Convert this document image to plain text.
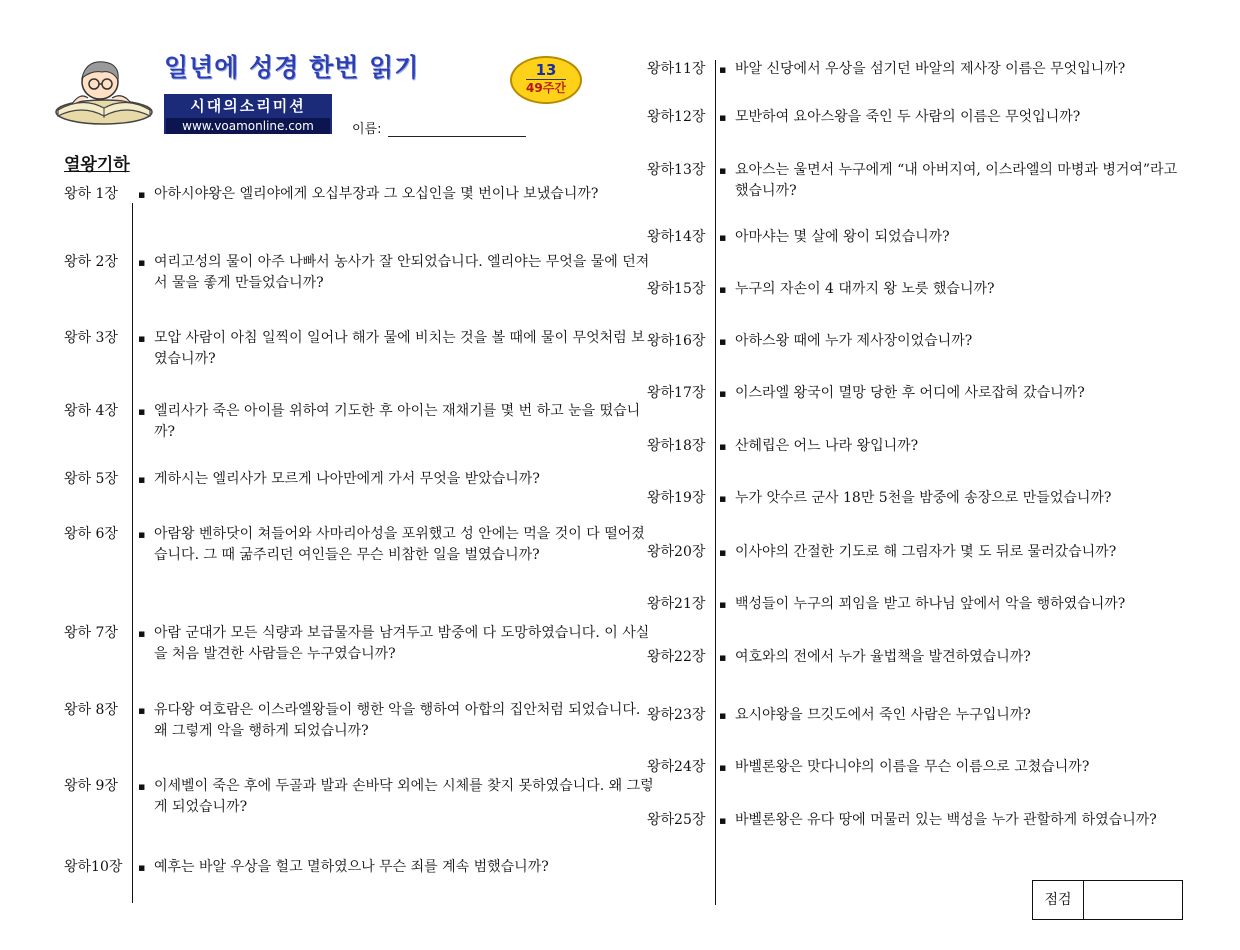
일년에 성경 한번 읽기	13
49주간
시대의소리미션
www.voamonline.com	이름:
열왕기하
왕하 1장 ▪ 아하시야왕은 엘리야에게 오십부장과 그 오십인을 몇 번이나 보냈습니까?
왕하 2장 ▪ 여리고성의 물이 아주 나빠서 농사가 잘 안되었습니다. 엘리야는 무엇을 물에 던져서 물을 좋게 만들었습니까?
왕하 3장 ▪ 모압 사람이 아침 일찍이 일어나 해가 물에 비치는 것을 볼 때에 물이 무엇처럼 보였습니까?
왕하 4장 ▪ 엘리사가 죽은 아이를 위하여 기도한 후 아이는 재채기를 몇 번 하고 눈을 떴습니까?
왕하 5장 ▪ 게하시는 엘리사가 모르게 나아만에게 가서 무엇을 받았습니까?
왕하 6장 ▪ 아람왕 벤하닷이 쳐들어와 사마리아성을 포위했고 성 안에는 먹을 것이 다 떨어졌습니다. 그 때 굶주리던 여인들은 무슨 비참한 일을 벌였습니까?
왕하 7장 ▪ 아람 군대가 모든 식량과 보급물자를 남겨두고 밤중에 다 도망하였습니다. 이 사실을 처음 발견한 사람들은 누구였습니까?
왕하 8장 ▪ 유다왕 여호람은 이스라엘왕들이 행한 악을 행하여 아합의 집안처럼 되었습니다. 왜 그렇게 악을 행하게 되었습니까?
왕하 9장 ▪ 이세벨이 죽은 후에 두골과 발과 손바닥 외에는 시체를 찾지 못하였습니다. 왜 그렇게 되었습니까?
왕하10장 ▪ 예후는 바알 우상을 헐고 멸하였으나 무슨 죄를 계속 범했습니까?
왕하11장 ▪ 바알 신당에서 우상을 섬기던 바알의 제사장 이름은 무엇입니까?
왕하12장 ▪ 모반하여 요아스왕을 죽인 두 사람의 이름은 무엇입니까?
왕하13장 ▪ 요아스는 울면서 누구에게 “내 아버지여, 이스라엘의 마병과 병거여”라고 했습니까?
왕하14장 ▪ 아마샤는 몇 살에 왕이 되었습니까?
왕하15장 ▪ 누구의 자손이 4 대까지 왕 노릇 했습니까?
왕하16장 ▪ 아하스왕 때에 누가 제사장이었습니까?
왕하17장 ▪ 이스라엘 왕국이 멸망 당한 후 어디에 사로잡혀 갔습니까?
왕하18장 ▪ 산헤립은 어느 나라 왕입니까?
왕하19장 ▪ 누가 앗수르 군사 18만 5천을 밤중에 송장으로 만들었습니까?
왕하20장 ▪ 이사야의 간절한 기도로 해 그림자가 몇 도 뒤로 물러갔습니까?
왕하21장 ▪ 백성들이 누구의 꾀임을 받고 하나님 앞에서 악을 행하였습니까?
왕하22장 ▪ 여호와의 전에서 누가 율법책을 발견하였습니까?
왕하23장 ▪ 요시야왕을 므깃도에서 죽인 사람은 누구입니까?
왕하24장 ▪ 바벨론왕은 맛다니야의 이름을 무슨 이름으로 고쳤습니까?
왕하25장 ▪ 바벨론왕은 유다 땅에 머물러 있는 백성을 누가 관할하게 하였습니까?
점검
